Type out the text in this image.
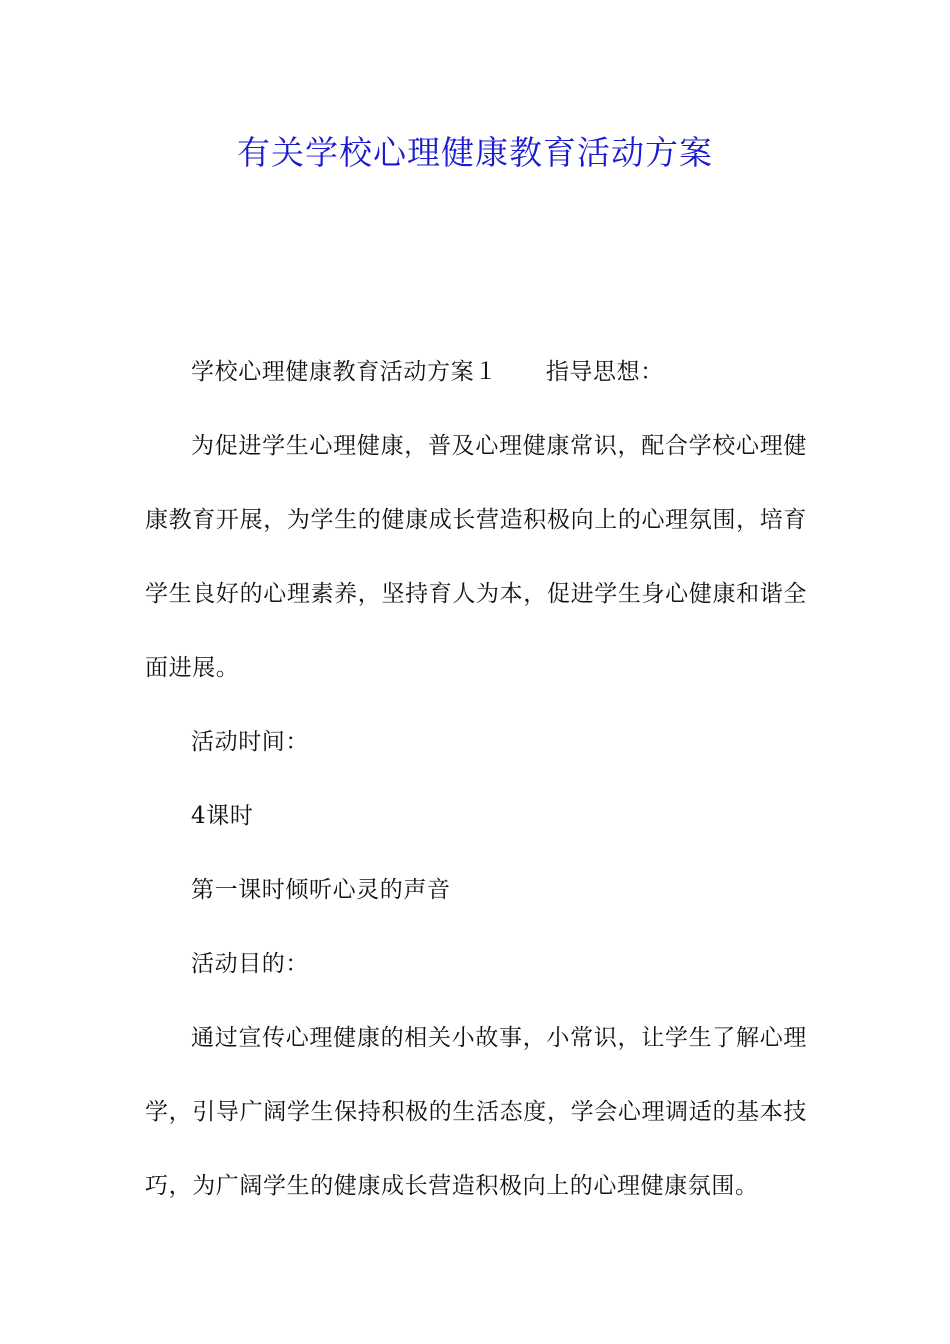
有关学校心理健康教育活动方案

学校心理健康教育活动方案１ 指导思想：

为促进学生心理健康，普及心理健康常识，配合学校心理健康教育开展，为学生的健康成长营造积极向上的心理氛围，培育学生良好的心理素养，坚持育人为本，促进学生身心健康和谐全面进展。

活动时间：

4课时

第一课时倾听心灵的声音

活动目的：

通过宣传心理健康的相关小故事，小常识，让学生了解心理学，引导广阔学生保持积极的生活态度，学会心理调适的基本技巧，为广阔学生的健康成长营造积极向上的心理健康氛围。
